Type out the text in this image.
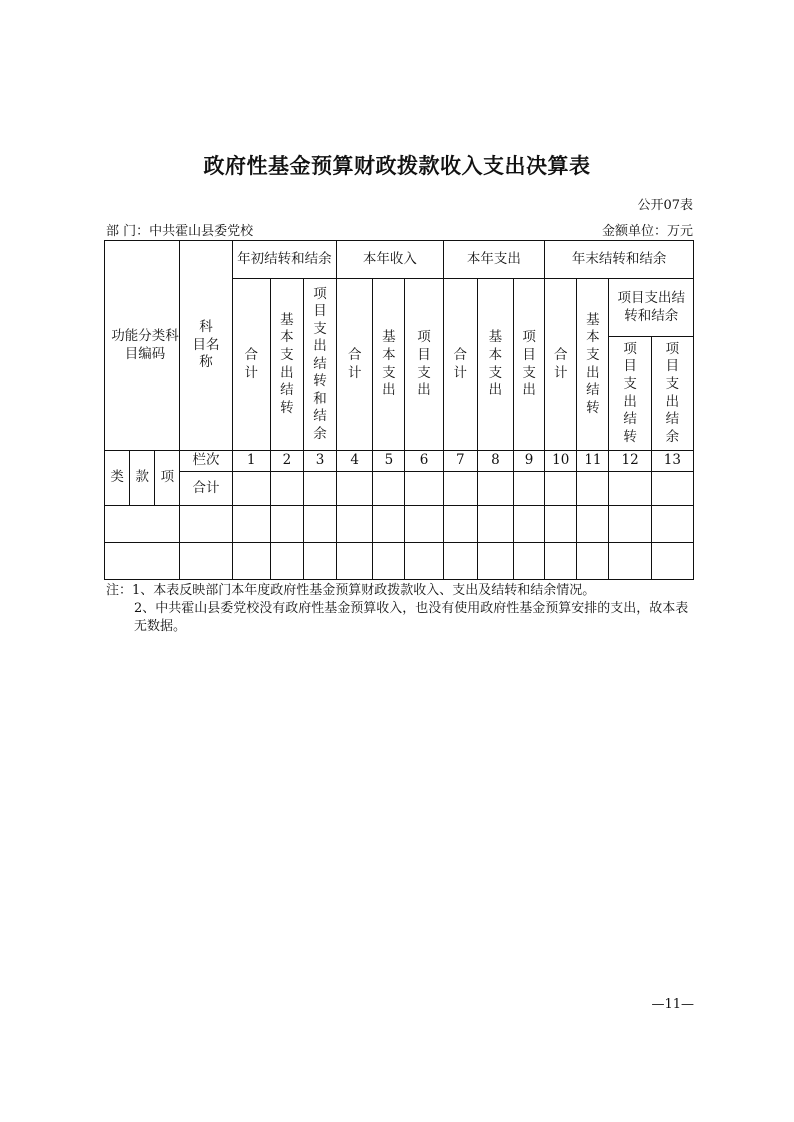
政府性基金预算财政拨款收入支出决算表
公开07表
部 门：中共霍山县委党校	金额单位：万元
功能分类科目编码			科 目名称	年初结转和结余			本年收入			本年支出			年末结转和结余			
				合计	基本支出结转	项目支出结转和结余	合计	基本支出	项目支出	合计	基本支出	项目支出	合计	基本支出结转	项目支出结转和结余	
															项目支出结转	项目支出结余
类	款	项	栏次	1	2	3	4	5	6	7	8	9	10	11	12	13
			合计													

注：1、本表反映部门本年度政府性基金预算财政拨款收入、支出及结转和结余情况。

2、中共霍山县委党校没有政府性基金预算收入，也没有使用政府性基金预算安排的支出，故本表无数据。

—11—
